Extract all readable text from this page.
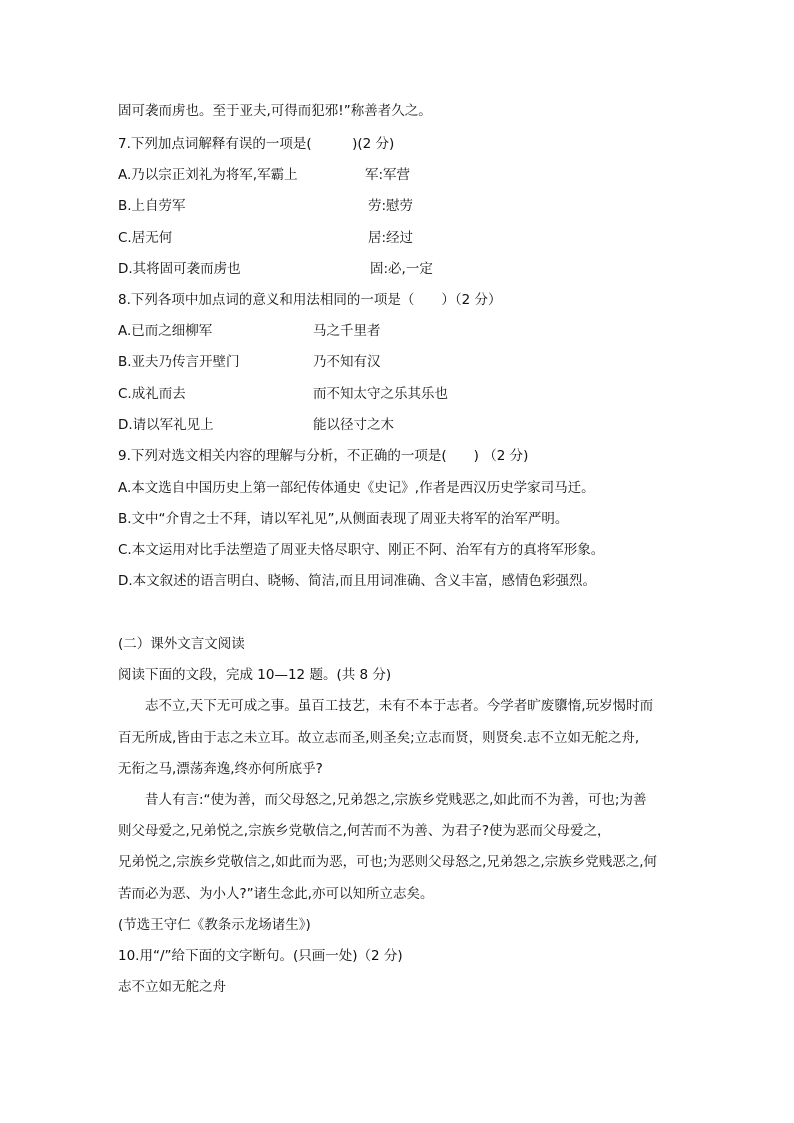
固可袭而虏也。至于亚夫,可得而犯邪!”称善者久之。
7.下列加点词解释有误的一项是(　　　)(2 分)
A.乃以宗正刘礼为将军,军霸上	军:军营
B.上自劳军	劳:慰劳
C.居无何	居:经过
D.其将固可袭而虏也	固:必,一定
8.下列各项中加点词的意义和用法相同的一项是（　　）（2 分）
A.已而之细柳军	马之千里者
B.亚夫乃传言开壁门	乃不知有汉
C.成礼而去	而不知太守之乐其乐也
D.请以军礼见上	能以径寸之木
9.下列对选文相关内容的理解与分析，不正确的一项是(　　) （2 分)
A.本文选自中国历史上第一部纪传体通史《史记》,作者是西汉历史学家司马迁。
B.文中“介胄之士不拜，请以军礼见”,从侧面表现了周亚夫将军的治军严明。
C.本文运用对比手法塑造了周亚夫恪尽职守、刚正不阿、治军有方的真将军形象。
D.本文叙述的语言明白、晓畅、简洁,而且用词准确、含义丰富，感情色彩强烈。
(二）课外文言文阅读
阅读下面的文段，完成 10—12 题。(共 8 分)
志不立,天下无可成之事。虽百工技艺，未有不本于志者。今学者旷废隳惰,玩岁愒时而
百无所成,皆由于志之未立耳。故立志而圣,则圣矣;立志而贤，则贤矣.志不立如无舵之舟,
无衔之马,漂荡奔逸,终亦何所底乎?
昔人有言:“使为善，而父母怒之,兄弟怨之,宗族乡党贱恶之,如此而不为善，可也;为善
则父母爱之,兄弟悦之,宗族乡党敬信之,何苦而不为善、为君子?使为恶而父母爱之，
兄弟悦之,宗族乡党敬信之,如此而为恶，可也;为恶则父母怒之,兄弟怨之,宗族乡党贱恶之,何
苦而必为恶、为小人?”诸生念此,亦可以知所立志矣。
(节选王守仁《教条示龙场诸生》)
10.用“/”给下面的文字断句。(只画一处)（2 分)
志不立如无舵之舟
